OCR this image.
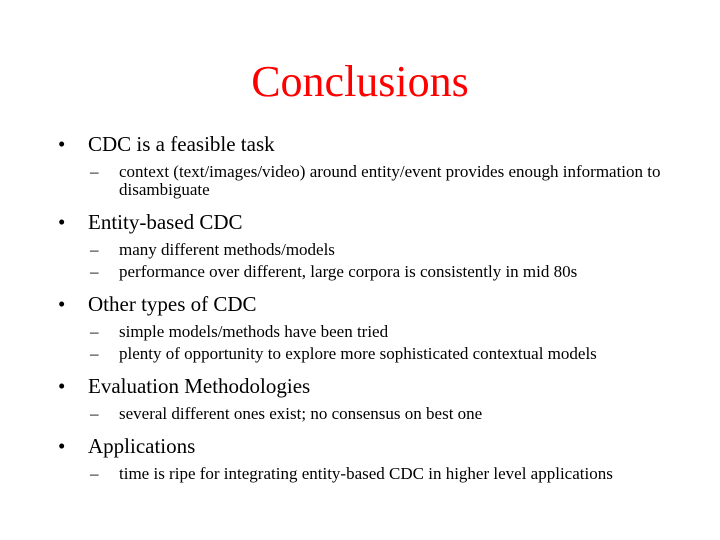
Conclusions
•	CDC is a feasible task
– context (text/images/video) around entity/event provides enough information to disambiguate
•	Entity-based CDC
– many different methods/models
– performance over different, large corpora is consistently in mid 80s
•	Other types of CDC
– simple models/methods have been tried
– plenty of opportunity to explore more sophisticated contextual models
•	Evaluation Methodologies
– several different ones exist; no consensus on best one
•	Applications
– time is ripe for integrating entity-based CDC in higher level applications
